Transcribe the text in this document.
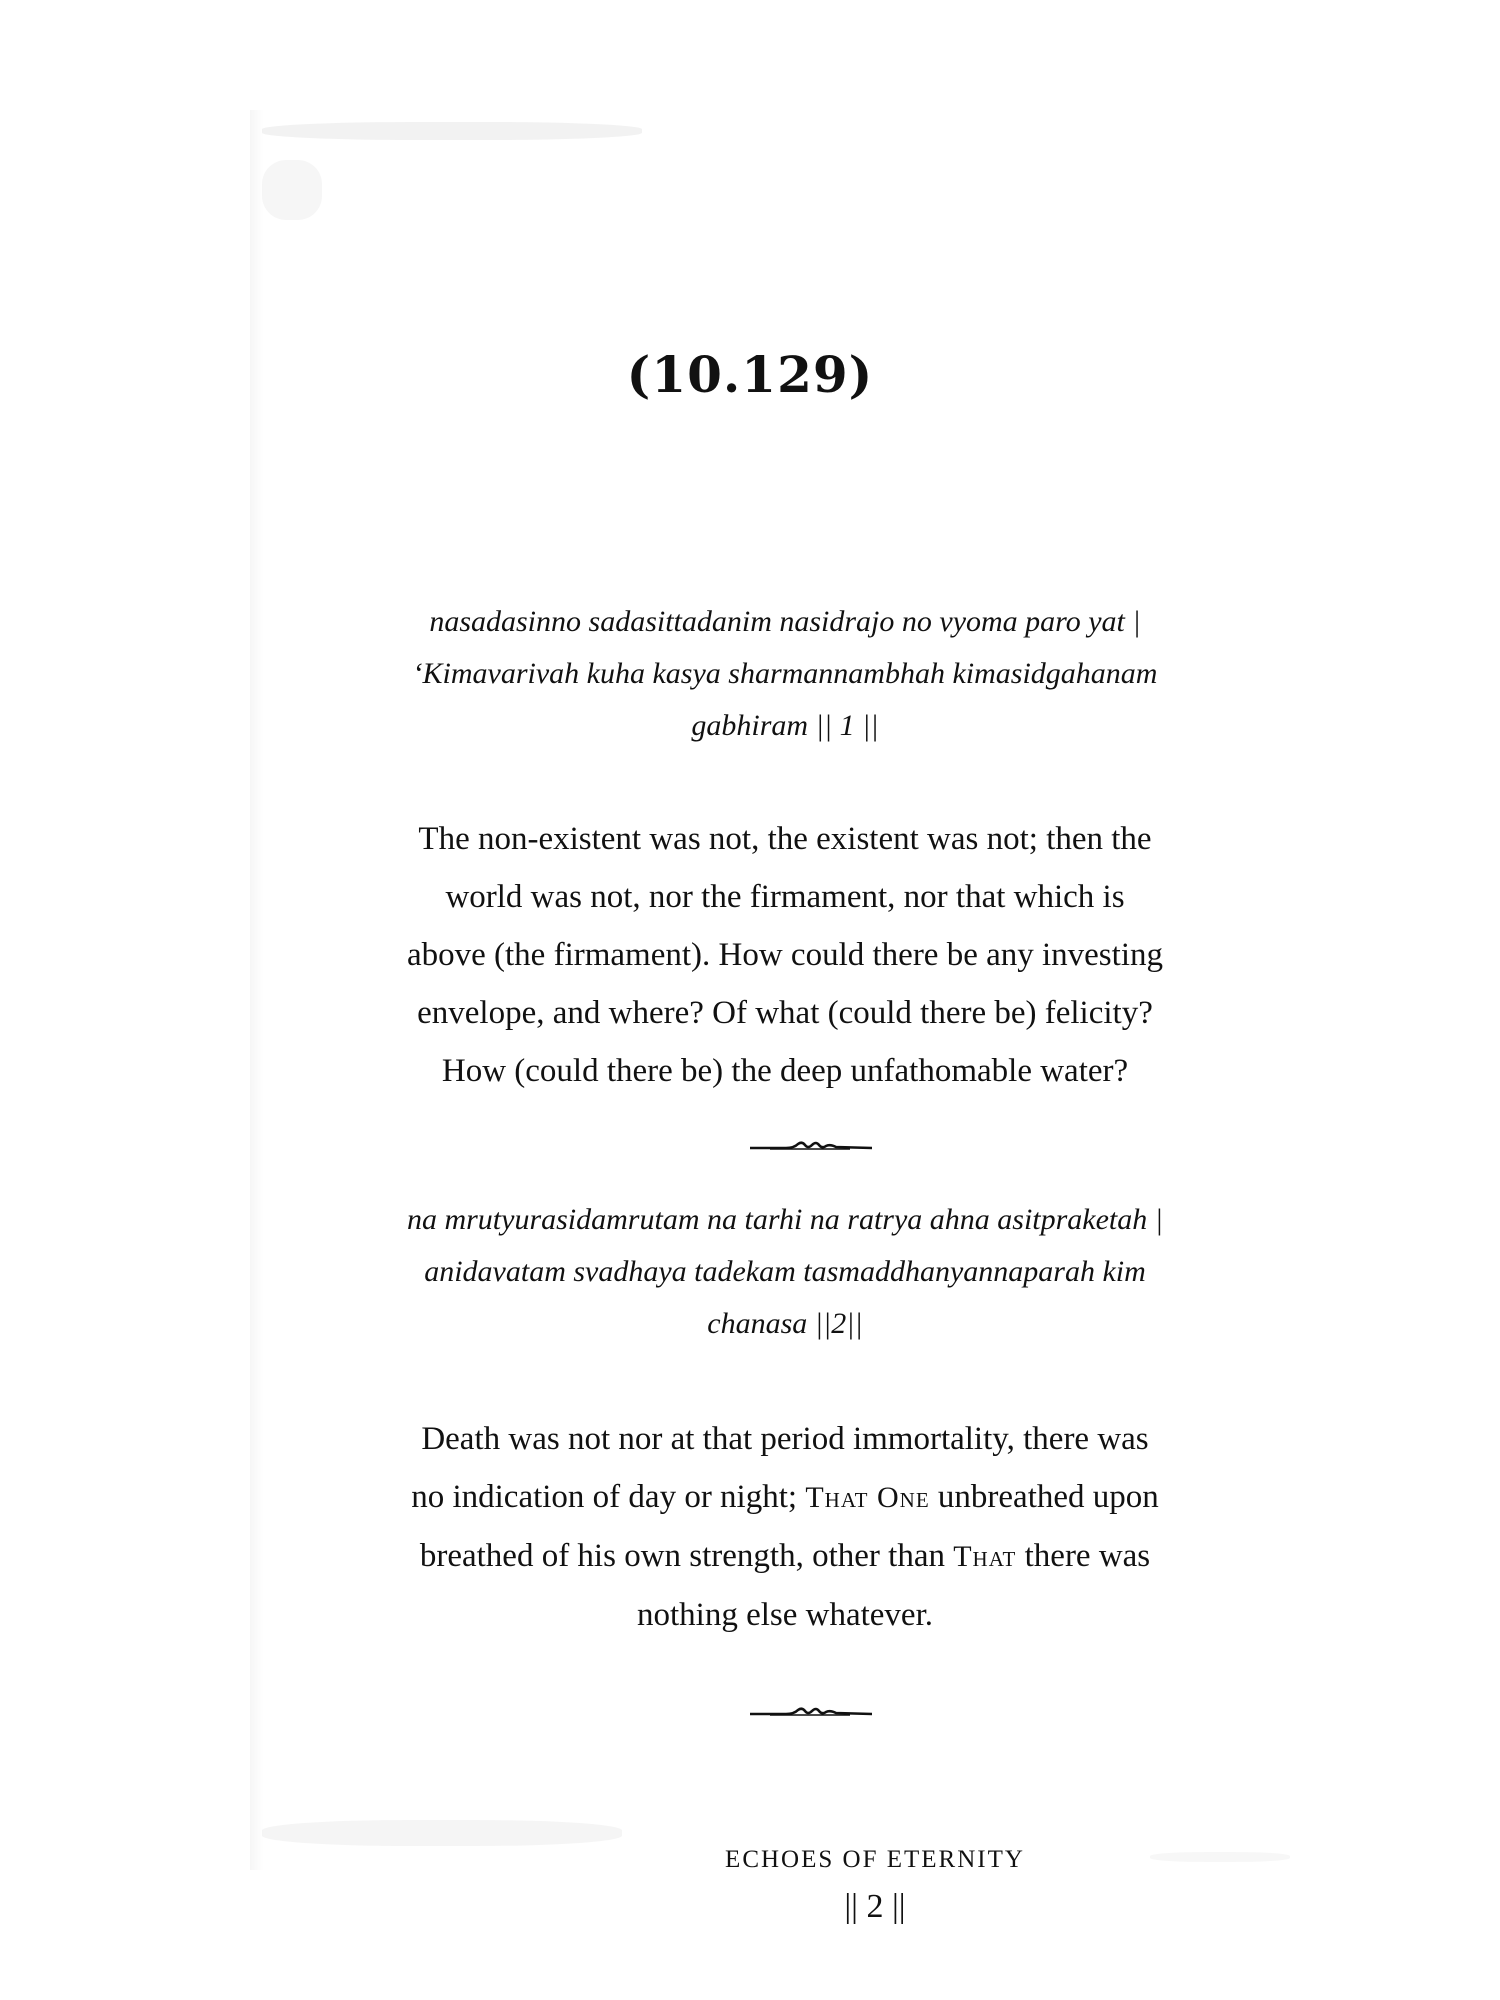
(10.129)
nasadasinno sadasittadanim nasidrajo no vyoma paro yat |
‘Kimavarivah kuha kasya sharmannambhah kimasidgahanam
gabhiram || 1 ||
The non-existent was not, the existent was not; then the
world was not, nor the firmament, nor that which is
above (the firmament). How could there be any investing
envelope, and where? Of what (could there be) felicity?
How (could there be) the deep unfathomable water?
na mrutyurasidamrutam na tarhi na ratrya ahna asitpraketah |
anidavatam svadhaya tadekam tasmaddhanyannaparah kim
chanasa ||2||
Death was not nor at that period immortality, there was
no indication of day or night; That One unbreathed upon
breathed of his own strength, other than That there was
nothing else whatever.
ECHOES OF ETERNITY
|| 2 ||
